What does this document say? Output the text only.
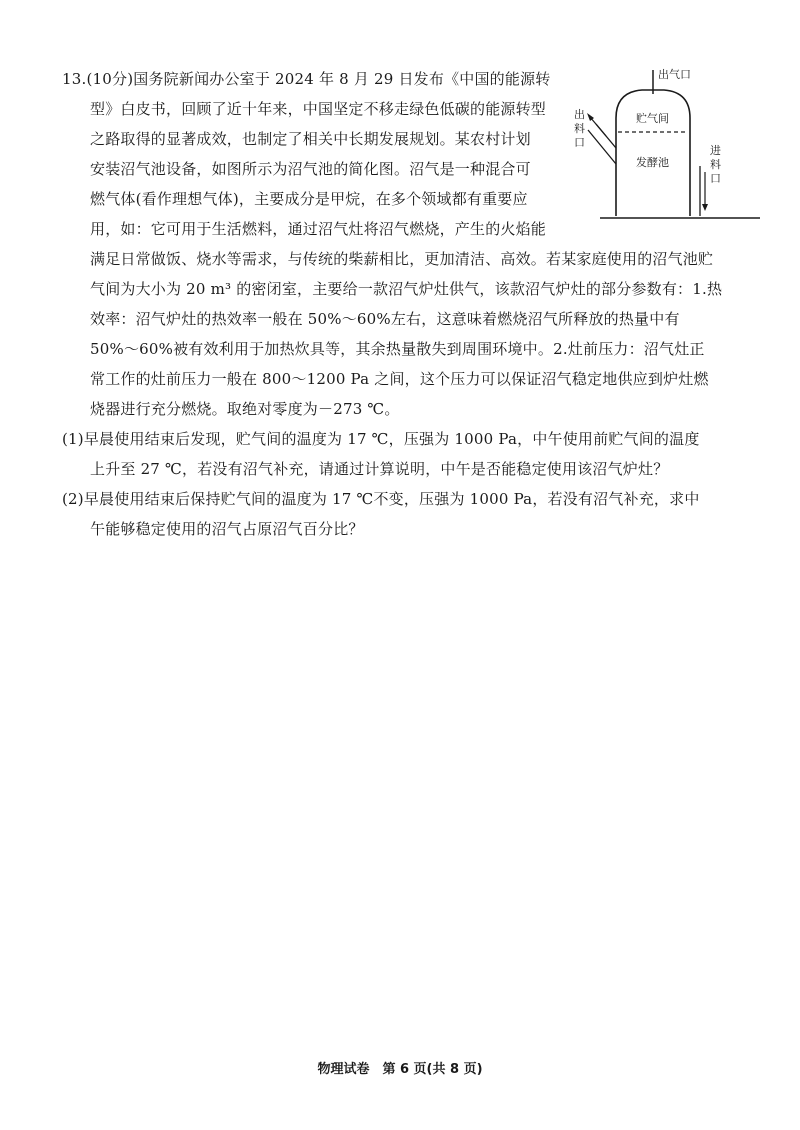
13.(10分)国务院新闻办公室于 2024 年 8 月 29 日发布《中国的能源转
型》白皮书，回顾了近十年来，中国坚定不移走绿色低碳的能源转型
之路取得的显著成效，也制定了相关中长期发展规划。某农村计划
安装沼气池设备，如图所示为沼气池的简化图。沼气是一种混合可
燃气体(看作理想气体)，主要成分是甲烷，在多个领域都有重要应
用，如：它可用于生活燃料，通过沼气灶将沼气燃烧，产生的火焰能
满足日常做饭、烧水等需求，与传统的柴薪相比，更加清洁、高效。若某家庭使用的沼气池贮
气间为大小为 20 m³ 的密闭室，主要给一款沼气炉灶供气，该款沼气炉灶的部分参数有：1.热
效率：沼气炉灶的热效率一般在 50%～60%左右，这意味着燃烧沼气所释放的热量中有
50%～60%被有效利用于加热炊具等，其余热量散失到周围环境中。2.灶前压力：沼气灶正
常工作的灶前压力一般在 800～1200 Pa 之间，这个压力可以保证沼气稳定地供应到炉灶燃
烧器进行充分燃烧。取绝对零度为－273 ℃。
(1)早晨使用结束后发现，贮气间的温度为 17 ℃，压强为 1000 Pa，中午使用前贮气间的温度
上升至 27 ℃，若没有沼气补充，请通过计算说明，中午是否能稳定使用该沼气炉灶？
(2)早晨使用结束后保持贮气间的温度为 17 ℃不变，压强为 1000 Pa，若没有沼气补充，求中
午能够稳定使用的沼气占原沼气百分比？
出气口
贮气间
发酵池
出
料
口
进
料
口
物理试卷　第 6 页(共 8 页)
